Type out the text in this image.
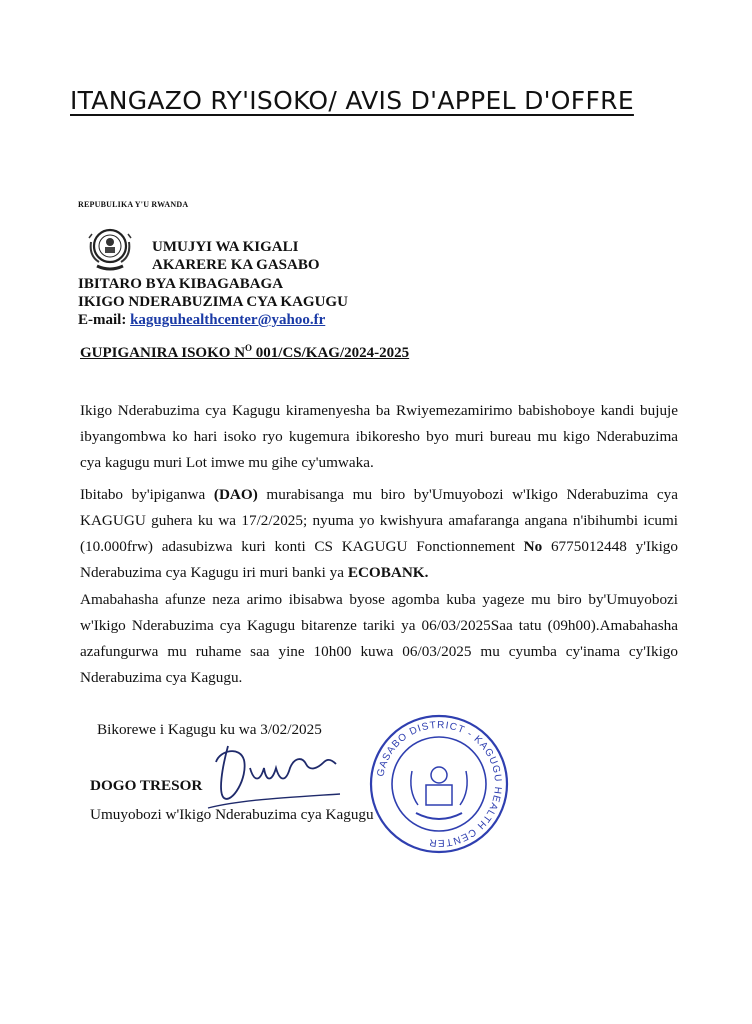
ITANGAZO RY'ISOKO/ AVIS D'APPEL D'OFFRE
REPUBULIKA Y'U RWANDA
UMUJYI WA KIGALI
AKARERE KA GASABO
IBITARO BYA KIBAGABAGA
IKIGO NDERABUZIMA CYA KAGUGU
E-mail: kaguguhealthcenter@yahoo.fr
GUPIGANIRA ISOKO $N^O$ 001/CS/KAG/2024-2025
Ikigo Nderabuzima cya Kagugu kiramenyesha ba Rwiyemezamirimo babishoboye kandi bujuje
ibyangombwa ko hari isoko ryo kugemura ibikoresho byo muri bureau mu kigo Nderabuzima
cya kagugu muri Lot imwe mu gihe cy'umwaka.
Ibitabo by'ipiganwa (DAO) murabisanga mu biro by'Umuyobozi w'Ikigo Nderabuzima cya
KAGUGU guhera ku wa 17/2/2025; nyuma yo kwishyura amafaranga angana n'ibihumbi icumi
(10.000frw) adasubizwa kuri konti CS KAGUGU Fonctionnement No 6775012448 y'Ikigo
Nderabuzima cya Kagugu iri muri banki ya ECOBANK.
Amabahasha afunze neza arimo ibisabwa byose agomba kuba yageze mu biro by'Umuyobozi
w'Ikigo Nderabuzima cya Kagugu bitarenze tariki ya 06/03/2025Saa tatu (09h00).Amabahasha
azafungurwa mu ruhame saa yine 10h00 kuwa 06/03/2025 mu cyumba cy'inama cy'Ikigo
Nderabuzima cya Kagugu.
Bikorewe i Kagugu ku wa 3/02/2025
DOGO TRESOR
Umuyobozi w'Ikigo Nderabuzima cya Kagugu
GASABO DISTRICT - KAGUGU HEALTH CENTER
